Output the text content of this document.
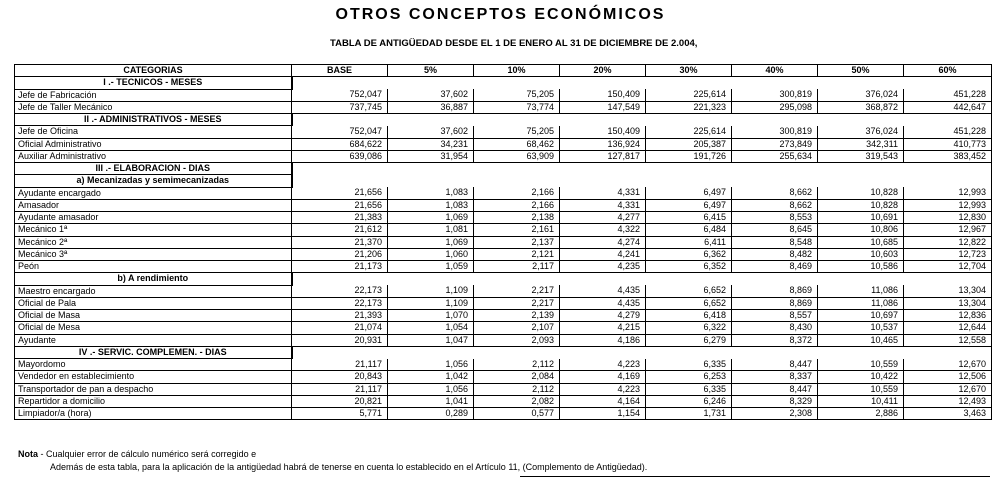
OTROS CONCEPTOS ECONÓMICOS
TABLA DE ANTIGÜEDAD DESDE EL 1 DE ENERO AL 31 DE DICIEMBRE DE 2.004,
CATEGORIAS	BASE	5%	10%	20%	30%	40%	50%	60%
I .- TECNICOS - MESES								
Jefe de Fabricación	752,047	37,602	75,205	150,409	225,614	300,819	376,024	451,228
Jefe de Taller Mecánico	737,745	36,887	73,774	147,549	221,323	295,098	368,872	442,647
II .- ADMINISTRATIVOS - MESES								
Jefe de Oficina	752,047	37,602	75,205	150,409	225,614	300,819	376,024	451,228
Oficial Administrativo	684,622	34,231	68,462	136,924	205,387	273,849	342,311	410,773
Auxiliar Administrativo	639,086	31,954	63,909	127,817	191,726	255,634	319,543	383,452
III .- ELABORACION - DIAS								
a) Mecanizadas y semimecanizadas								
Ayudante encargado	21,656	1,083	2,166	4,331	6,497	8,662	10,828	12,993
Amasador	21,656	1,083	2,166	4,331	6,497	8,662	10,828	12,993
Ayudante amasador	21,383	1,069	2,138	4,277	6,415	8,553	10,691	12,830
Mecánico 1ª	21,612	1,081	2,161	4,322	6,484	8,645	10,806	12,967
Mecánico 2ª	21,370	1,069	2,137	4,274	6,411	8,548	10,685	12,822
Mecánico 3ª	21,206	1,060	2,121	4,241	6,362	8,482	10,603	12,723
Peón	21,173	1,059	2,117	4,235	6,352	8,469	10,586	12,704
b) A rendimiento								
Maestro encargado	22,173	1,109	2,217	4,435	6,652	8,869	11,086	13,304
Oficial de Pala	22,173	1,109	2,217	4,435	6,652	8,869	11,086	13,304
Oficial de Masa	21,393	1,070	2,139	4,279	6,418	8,557	10,697	12,836
Oficial de Mesa	21,074	1,054	2,107	4,215	6,322	8,430	10,537	12,644
Ayudante	20,931	1,047	2,093	4,186	6,279	8,372	10,465	12,558
IV .- SERVIC. COMPLEMEN. - DIAS								
Mayordomo	21,117	1,056	2,112	4,223	6,335	8,447	10,559	12,670
Vendedor en establecimiento	20,843	1,042	2,084	4,169	6,253	8,337	10,422	12,506
Transportador de pan a despacho	21,117	1,056	2,112	4,223	6,335	8,447	10,559	12,670
Repartidor a domicilio	20,821	1,041	2,082	4,164	6,246	8,329	10,411	12,493
Limpiador/a (hora)	5,771	0,289	0,577	1,154	1,731	2,308	2,886	3,463
Nota - Cualquier error de cálculo numérico será corregido e
Además de esta tabla, para la aplicación de la antigüedad habrá de tenerse en cuenta lo establecido en el Artículo 11, (Complemento de Antigüedad).
